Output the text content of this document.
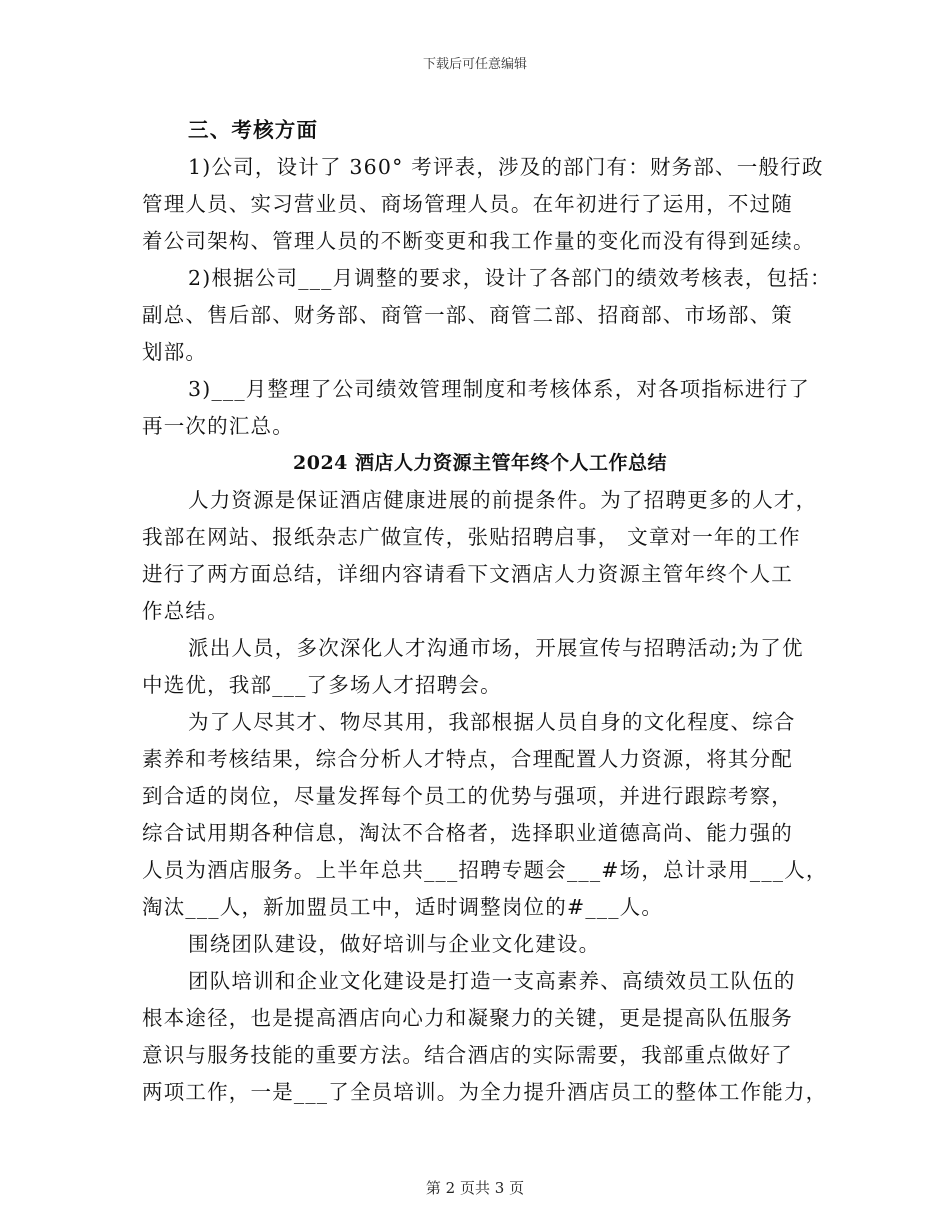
下载后可任意编辑
三、考核方面
1)公司，设计了 360° 考评表，涉及的部门有：财务部、一般行政
管理人员、实习营业员、商场管理人员。在年初进行了运用，不过随
着公司架构、管理人员的不断变更和我工作量的变化而没有得到延续。
2)根据公司___月调整的要求，设计了各部门的绩效考核表，包括：
副总、售后部、财务部、商管一部、商管二部、招商部、市场部、策
划部。
3)___月整理了公司绩效管理制度和考核体系，对各项指标进行了
再一次的汇总。
2024 酒店人力资源主管年终个人工作总结
人力资源是保证酒店健康进展的前提条件。为了招聘更多的人才，
我部在网站、报纸杂志广做宣传，张贴招聘启事， 文章对一年的工作
进行了两方面总结，详细内容请看下文酒店人力资源主管年终个人工
作总结。
派出人员，多次深化人才沟通市场，开展宣传与招聘活动;为了优
中选优，我部___了多场人才招聘会。
为了人尽其才、物尽其用，我部根据人员自身的文化程度、综合
素养和考核结果，综合分析人才特点，合理配置人力资源，将其分配
到合适的岗位，尽量发挥每个员工的优势与强项，并进行跟踪考察，
综合试用期各种信息，淘汰不合格者，选择职业道德高尚、能力强的
人员为酒店服务。上半年总共___招聘专题会___#场，总计录用___人，
淘汰___人，新加盟员工中，适时调整岗位的#___人。
围绕团队建设，做好培训与企业文化建设。
团队培训和企业文化建设是打造一支高素养、高绩效员工队伍的
根本途径，也是提高酒店向心力和凝聚力的关键，更是提高队伍服务
意识与服务技能的重要方法。结合酒店的实际需要，我部重点做好了
两项工作，一是___了全员培训。为全力提升酒店员工的整体工作能力，
第 2 页共 3 页
